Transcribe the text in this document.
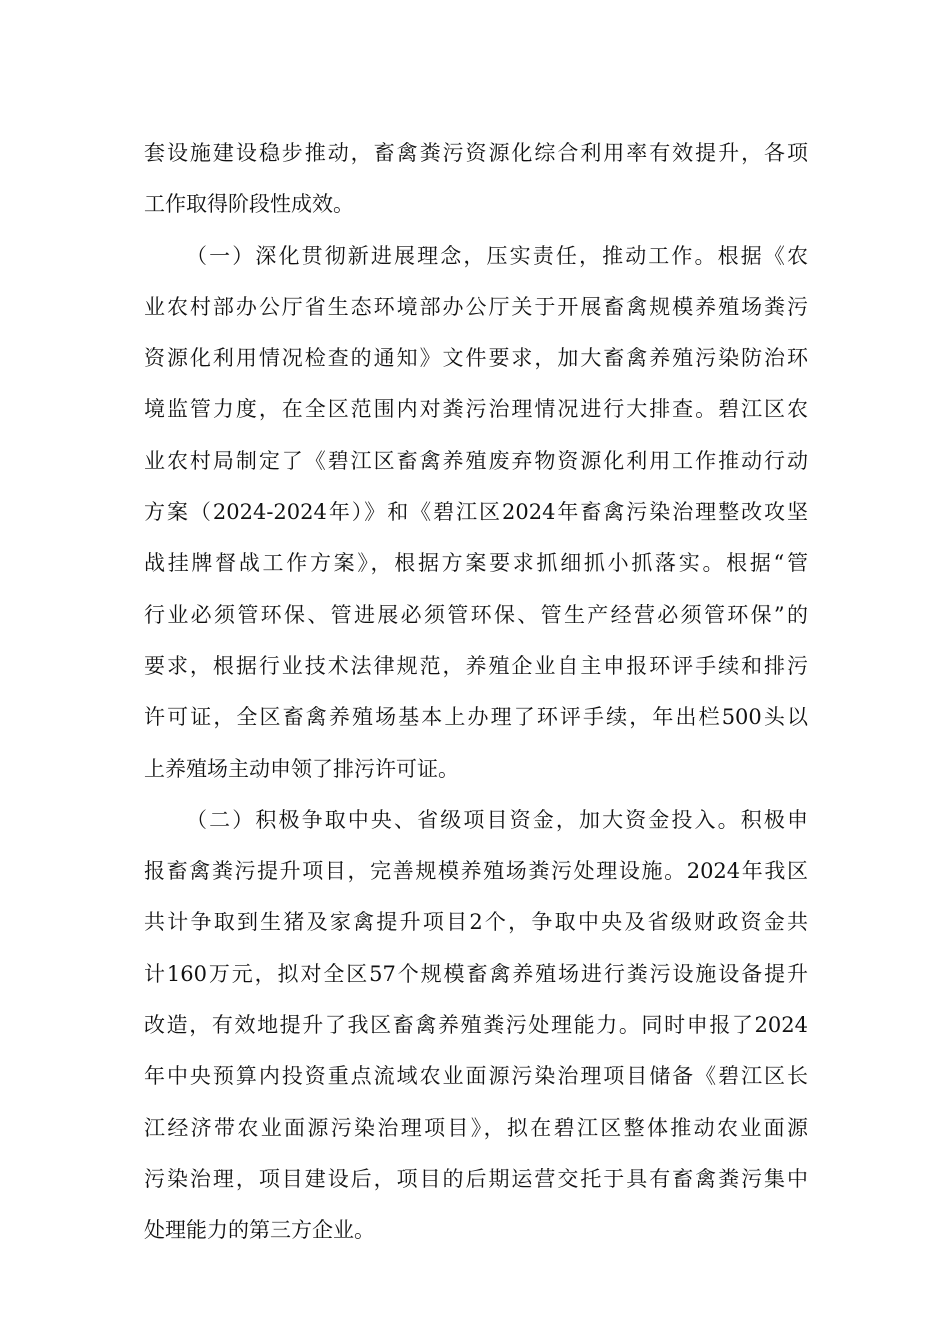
套设施建设稳步推动，畜禽粪污资源化综合利用率有效提升，各项
工作取得阶段性成效。
（一）深化贯彻新进展理念，压实责任，推动工作。根据《农
业农村部办公厅省生态环境部办公厅关于开展畜禽规模养殖场粪污
资源化利用情况检查的通知》文件要求，加大畜禽养殖污染防治环
境监管力度，在全区范围内对粪污治理情况进行大排查。碧江区农
业农村局制定了《碧江区畜禽养殖废弃物资源化利用工作推动行动
方案（2024-2024年）》和《碧江区2024年畜禽污染治理整改攻坚
战挂牌督战工作方案》，根据方案要求抓细抓小抓落实。根据“管
行业必须管环保、管进展必须管环保、管生产经营必须管环保”的
要求，根据行业技术法律规范，养殖企业自主申报环评手续和排污
许可证，全区畜禽养殖场基本上办理了环评手续，年出栏500头以
上养殖场主动申领了排污许可证。
（二）积极争取中央、省级项目资金，加大资金投入。积极申
报畜禽粪污提升项目，完善规模养殖场粪污处理设施。2024年我区
共计争取到生猪及家禽提升项目2个，争取中央及省级财政资金共
计160万元，拟对全区57个规模畜禽养殖场进行粪污设施设备提升
改造，有效地提升了我区畜禽养殖粪污处理能力。同时申报了2024
年中央预算内投资重点流域农业面源污染治理项目储备《碧江区长
江经济带农业面源污染治理项目》，拟在碧江区整体推动农业面源
污染治理，项目建设后，项目的后期运营交托于具有畜禽粪污集中
处理能力的第三方企业。
